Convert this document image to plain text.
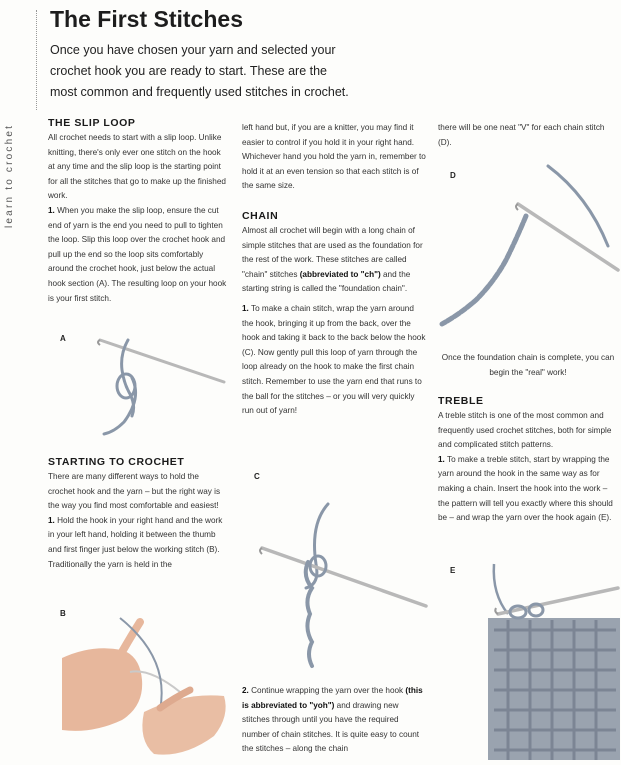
learn to crochet
The First Stitches

Once you have chosen your yarn and selected your crochet hook you are ready to start. These are the most common and frequently used stitches in crochet.

THE SLIP LOOP

All crochet needs to start with a slip loop. Unlike knitting, there's only ever one stitch on the hook at any time and the slip loop is the starting point for all the stitches that go to make up the finished work.

1. When you make the slip loop, ensure the cut end of yarn is the end you need to pull to tighten the loop. Slip this loop over the crochet hook and pull up the end so the loop sits comfortably around the crochet hook, just below the actual hook section (A). The resulting loop on your hook is your first stitch.

A

STARTING TO CROCHET

There are many different ways to hold the crochet hook and the yarn – but the right way is the way you find most comfortable and easiest!

1. Hold the hook in your right hand and the work in your left hand, holding it between the thumb and first finger just below the working stitch (B). Traditionally the yarn is held in the

B

left hand but, if you are a knitter, you may find it easier to control if you hold it in your right hand. Whichever hand you hold the yarn in, remember to hold it at an even tension so that each stitch is of the same size.

CHAIN

Almost all crochet will begin with a long chain of simple stitches that are used as the foundation for the rest of the work. These stitches are called "chain" stitches (abbreviated to "ch") and the starting string is called the "foundation chain".

1. To make a chain stitch, wrap the yarn around the hook, bringing it up from the back, over the hook and taking it back to the back below the hook (C). Now gently pull this loop of yarn through the loop already on the hook to make the first chain stitch. Remember to use the yarn end that runs to the ball for the stitches – or you will very quickly run out of yarn!

C

2. Continue wrapping the yarn over the hook (this is abbreviated to "yoh") and drawing new stitches through until you have the required number of chain stitches. It is quite easy to count the stitches – along the chain

there will be one neat "V" for each chain stitch (D).

D

Once the foundation chain is complete, you can begin the "real" work!

TREBLE

A treble stitch is one of the most common and frequently used crochet stitches, both for simple and complicated stitch patterns.

1. To make a treble stitch, start by wrapping the yarn around the hook in the same way as for making a chain. Insert the hook into the work – the pattern will tell you exactly where this should be – and wrap the yarn over the hook again (E).

E
